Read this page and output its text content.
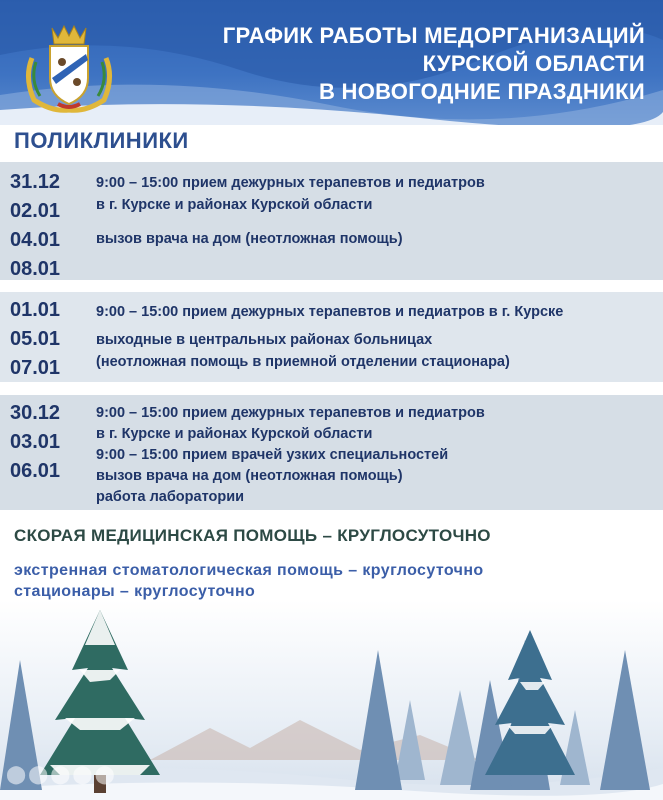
ГРАФИК РАБОТЫ МЕДОРГАНИЗАЦИЙ
КУРСКОЙ ОБЛАСТИ
В НОВОГОДНИЕ ПРАЗДНИКИ
ПОЛИКЛИНИКИ
31.12
02.01
04.01
08.01
9:00 – 15:00 прием дежурных терапевтов и педиатров
в г. Курске и районах Курской области
вызов врача на дом (неотложная помощь)
01.01
05.01
07.01
9:00 – 15:00 прием дежурных терапевтов и педиатров в г. Курске
выходные в центральных районах больницах
(неотложная помощь в приемной отделении стационара)
30.12
03.01
06.01
9:00 – 15:00 прием дежурных терапевтов и педиатров
в г. Курске и районах Курской области
9:00 – 15:00 прием врачей узких специальностей
вызов врача на дом (неотложная помощь)
работа лаборатории
СКОРАЯ МЕДИЦИНСКАЯ ПОМОЩЬ – КРУГЛОСУТОЧНО
экстренная стоматологическая помощь – круглосуточно
стационары – круглосуточно
⬤⬤⬤⬤⬤
